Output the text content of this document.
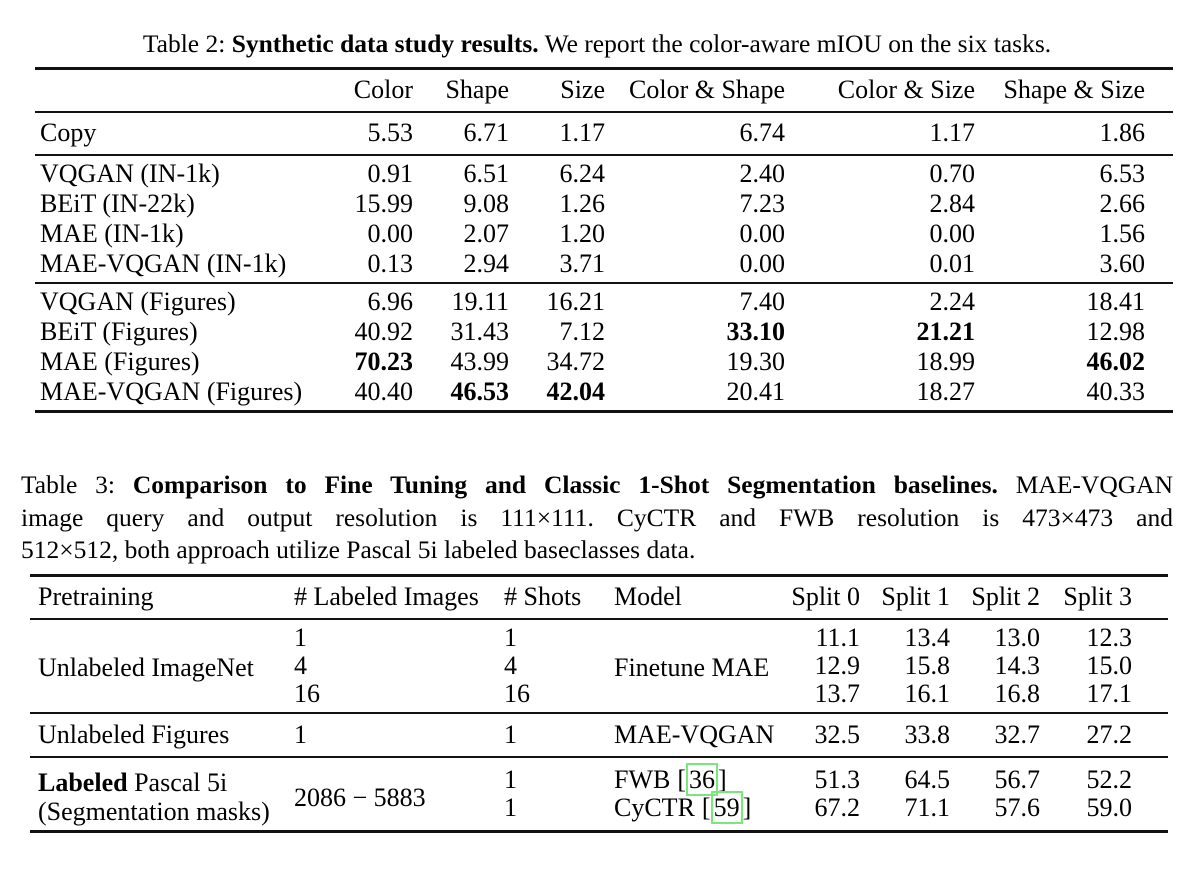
Table 2: Synthetic data study results. We report the color-aware mIOU on the six tasks.
	Color	Shape	Size	Color & Shape	Color & Size	Shape & Size
Copy	5.53	6.71	1.17	6.74	1.17	1.86
VQGAN (IN-1k)	0.91	6.51	6.24	2.40	0.70	6.53
BEiT (IN-22k)	15.99	9.08	1.26	7.23	2.84	2.66
MAE (IN-1k)	0.00	2.07	1.20	0.00	0.00	1.56
MAE-VQGAN (IN-1k)	0.13	2.94	3.71	0.00	0.01	3.60
VQGAN (Figures)	6.96	19.11	16.21	7.40	2.24	18.41
BEiT (Figures)	40.92	31.43	7.12	33.10	21.21	12.98
MAE (Figures)	70.23	43.99	34.72	19.30	18.99	46.02
MAE-VQGAN (Figures)	40.40	46.53	42.04	20.41	18.27	40.33
Table 3: Comparison to Fine Tuning and Classic 1-Shot Segmentation baselines. MAE-VQGAN
image query and output resolution is 111×111. CyCTR and FWB resolution is 473×473 and
512×512, both approach utilize Pascal 5i labeled baseclasses data.
Pretraining	# Labeled Images	# Shots	Model	Split 0	Split 1	Split 2	Split 3
Unlabeled ImageNet	1	1	Finetune MAE	11.1	13.4	13.0	12.3
	4	4		12.9	15.8	14.3	15.0
	16	16		13.7	16.1	16.8	17.1
Unlabeled Figures	1	1	MAE-VQGAN	32.5	33.8	32.7	27.2
Labeled Pascal 5i
(Segmentation masks)	2086 − 5883	1	FWB [ 36 ]	51.3	64.5	56.7	52.2
		1	CyCTR [ 59 ]	67.2	71.1	57.6	59.0
